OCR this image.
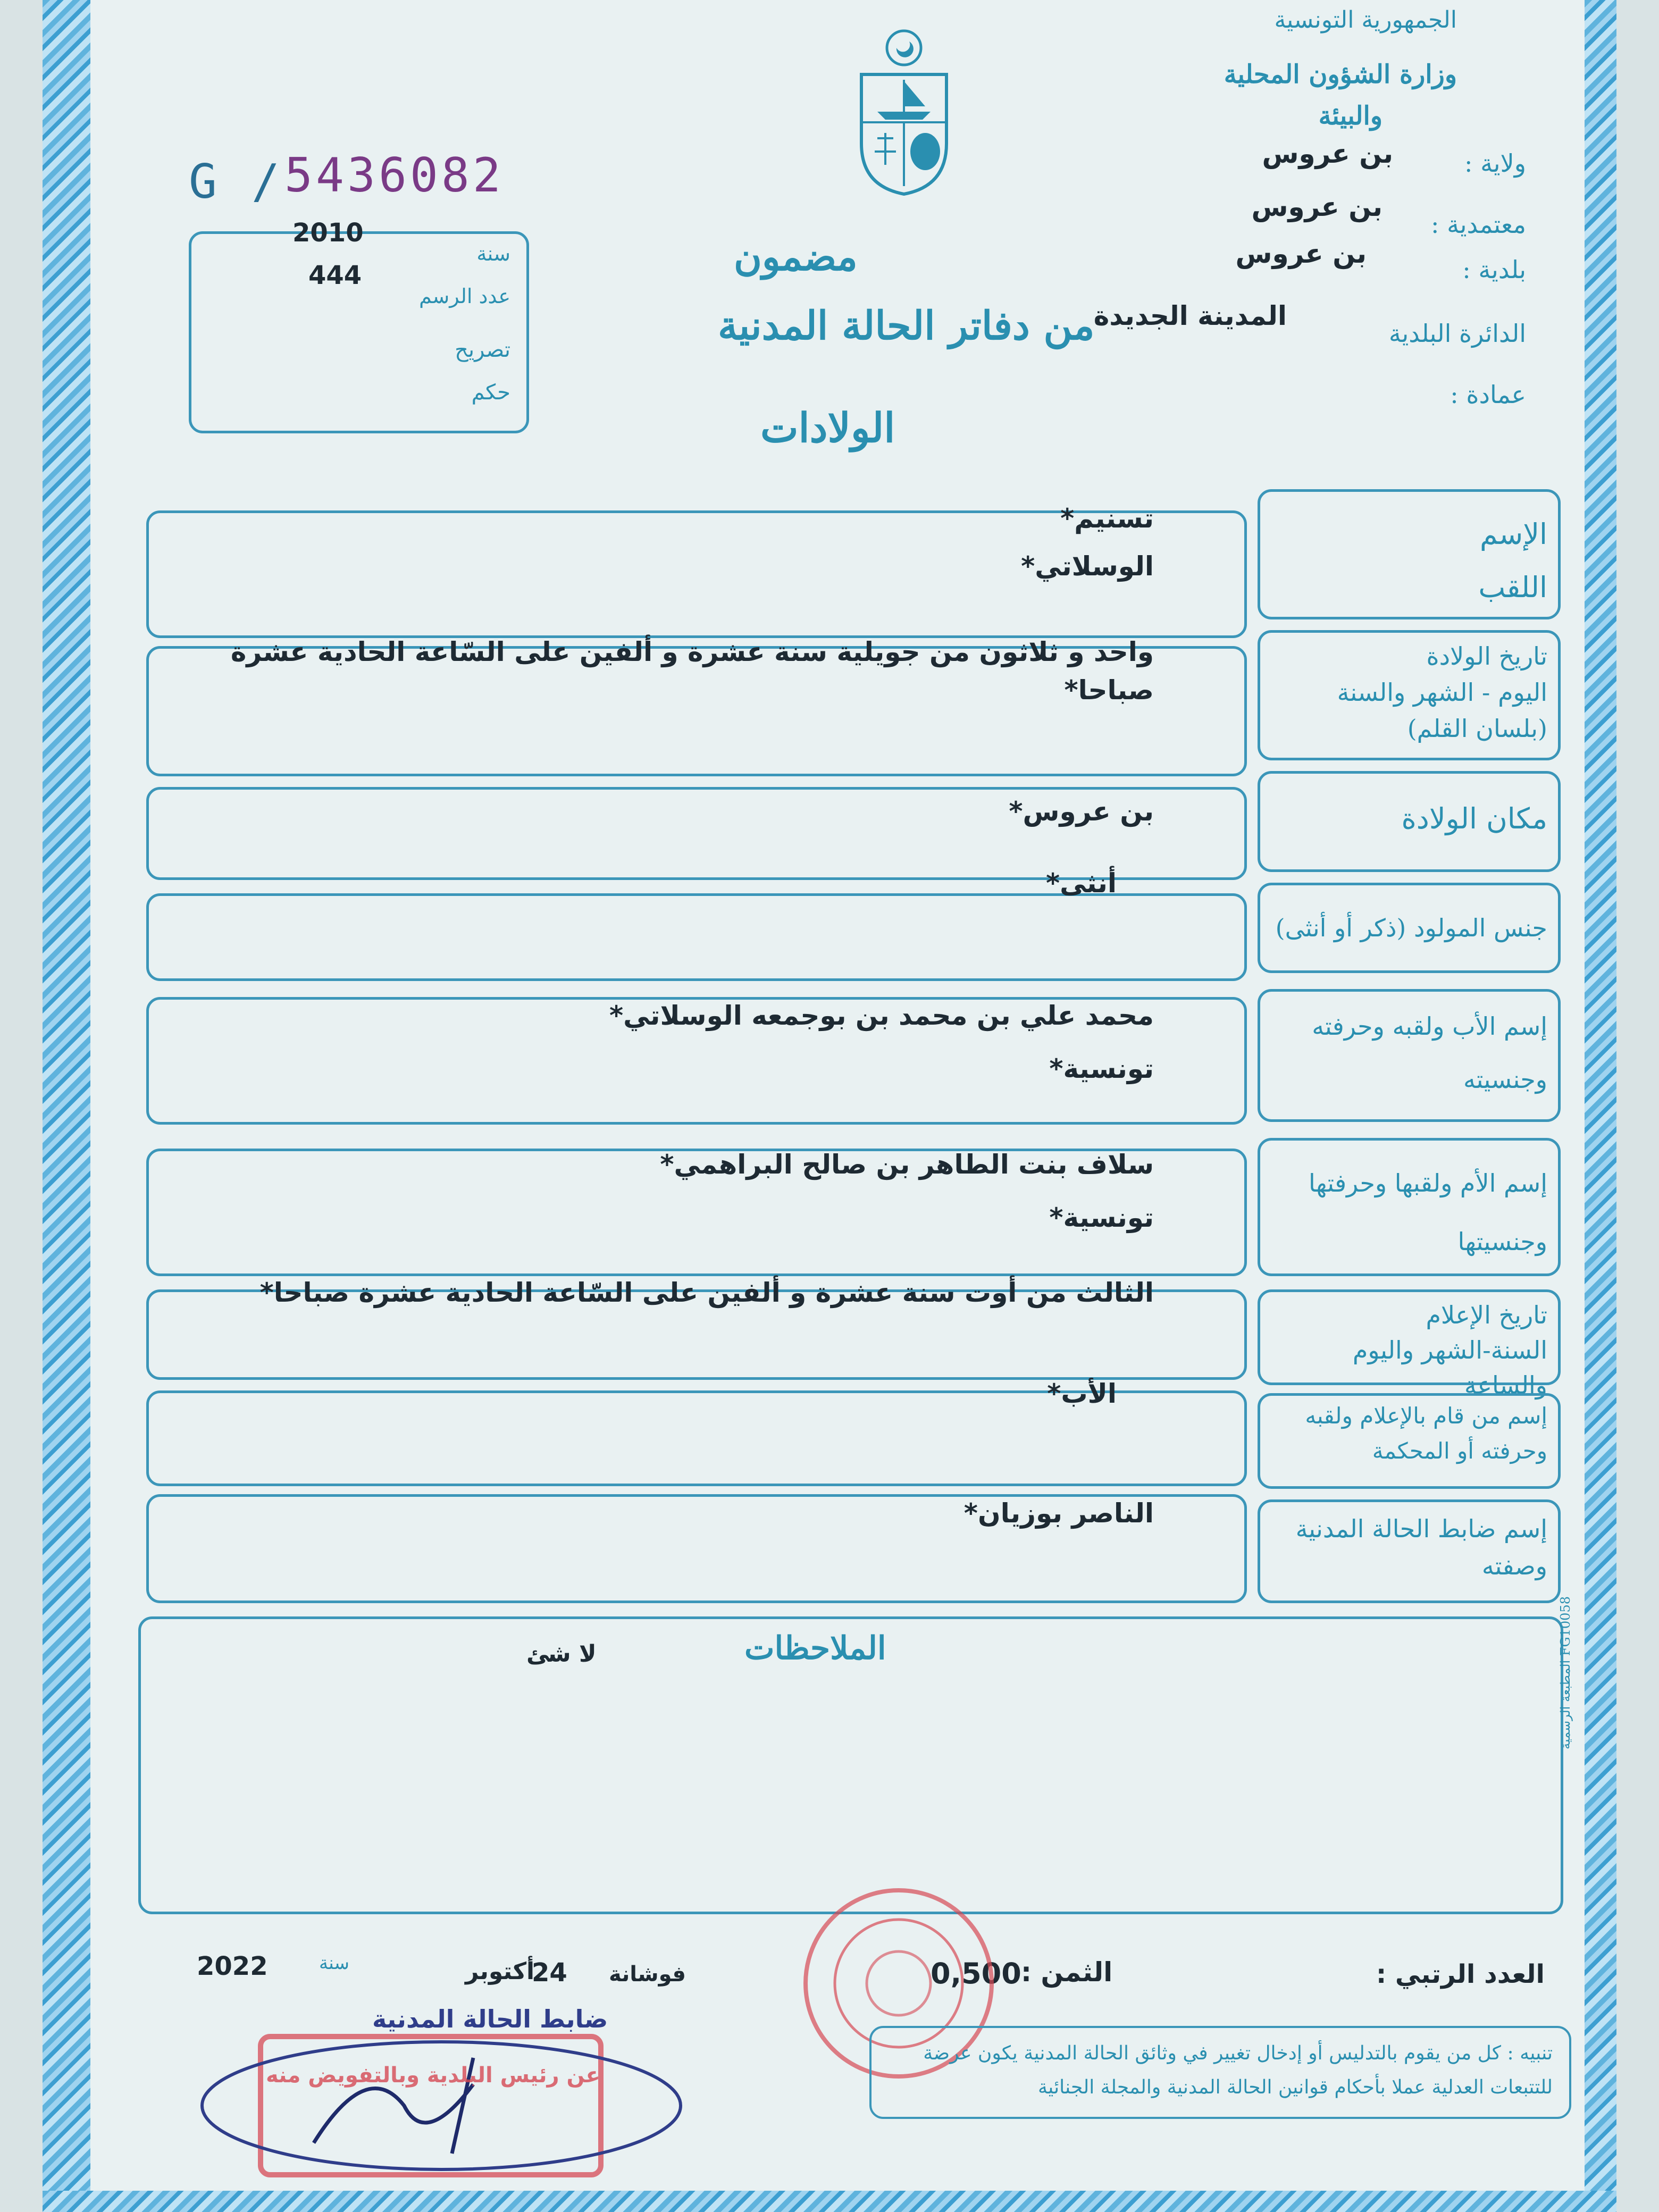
الجمهورية التونسية
وزارة الشؤون المحلية
والبيئة
ولاية :
بن عروس
معتمدية :
بن عروس
بلدية :
بن عروس
الدائرة البلدية
المدينة الجديدة
عمادة :
G / 5436082
2010
444
سنة
عدد الرسم
تصريح
حكم
مضمون
من دفاتر الحالة المدنية
الولادات
الإسم
اللقب
تسنيم*
الوسلاتي*
تاريخ الولادة
اليوم - الشهر والسنة
(بلسان القلم)
واحد و ثلاثون من جويلية سنة عشرة و ألفين على السّاعة الحادية عشرة صباحا*
مكان الولادة
بن عروس*
جنس المولود (ذكر أو أنثى)
أنثى*
إسم الأب ولقبه وحرفته
وجنسيته
محمد علي بن محمد بن بوجمعه الوسلاتي*
تونسية*
إسم الأم ولقبها وحرفتها
وجنسيتها
سلاف بنت الطاهر بن صالح البراهمي*
تونسية*
تاريخ الإعلام
السنة-الشهر واليوم والساعة
الثالث من أوت سنة عشرة و ألفين على السّاعة الحادية عشرة صباحا*
إسم من قام بالإعلام ولقبه
وحرفته أو المحكمة
الأب*
إسم ضابط الحالة المدنية
وصفته
الناصر بوزيان*
الملاحظات
لا شئ
المطبعة الرسمية FG10058
العدد الرتبي :
الثمن :
0,500
فوشانة
24
أكتوبر
سنة
2022
ضابط الحالة المدنية
عن رئيس البلدية وبالتفويض منه
تنبيه : كل من يقوم بالتدليس أو إدخال تغيير في وثائق الحالة المدنية يكون عرضة للتتبعات العدلية عملا بأحكام قوانين الحالة المدنية والمجلة الجنائية
